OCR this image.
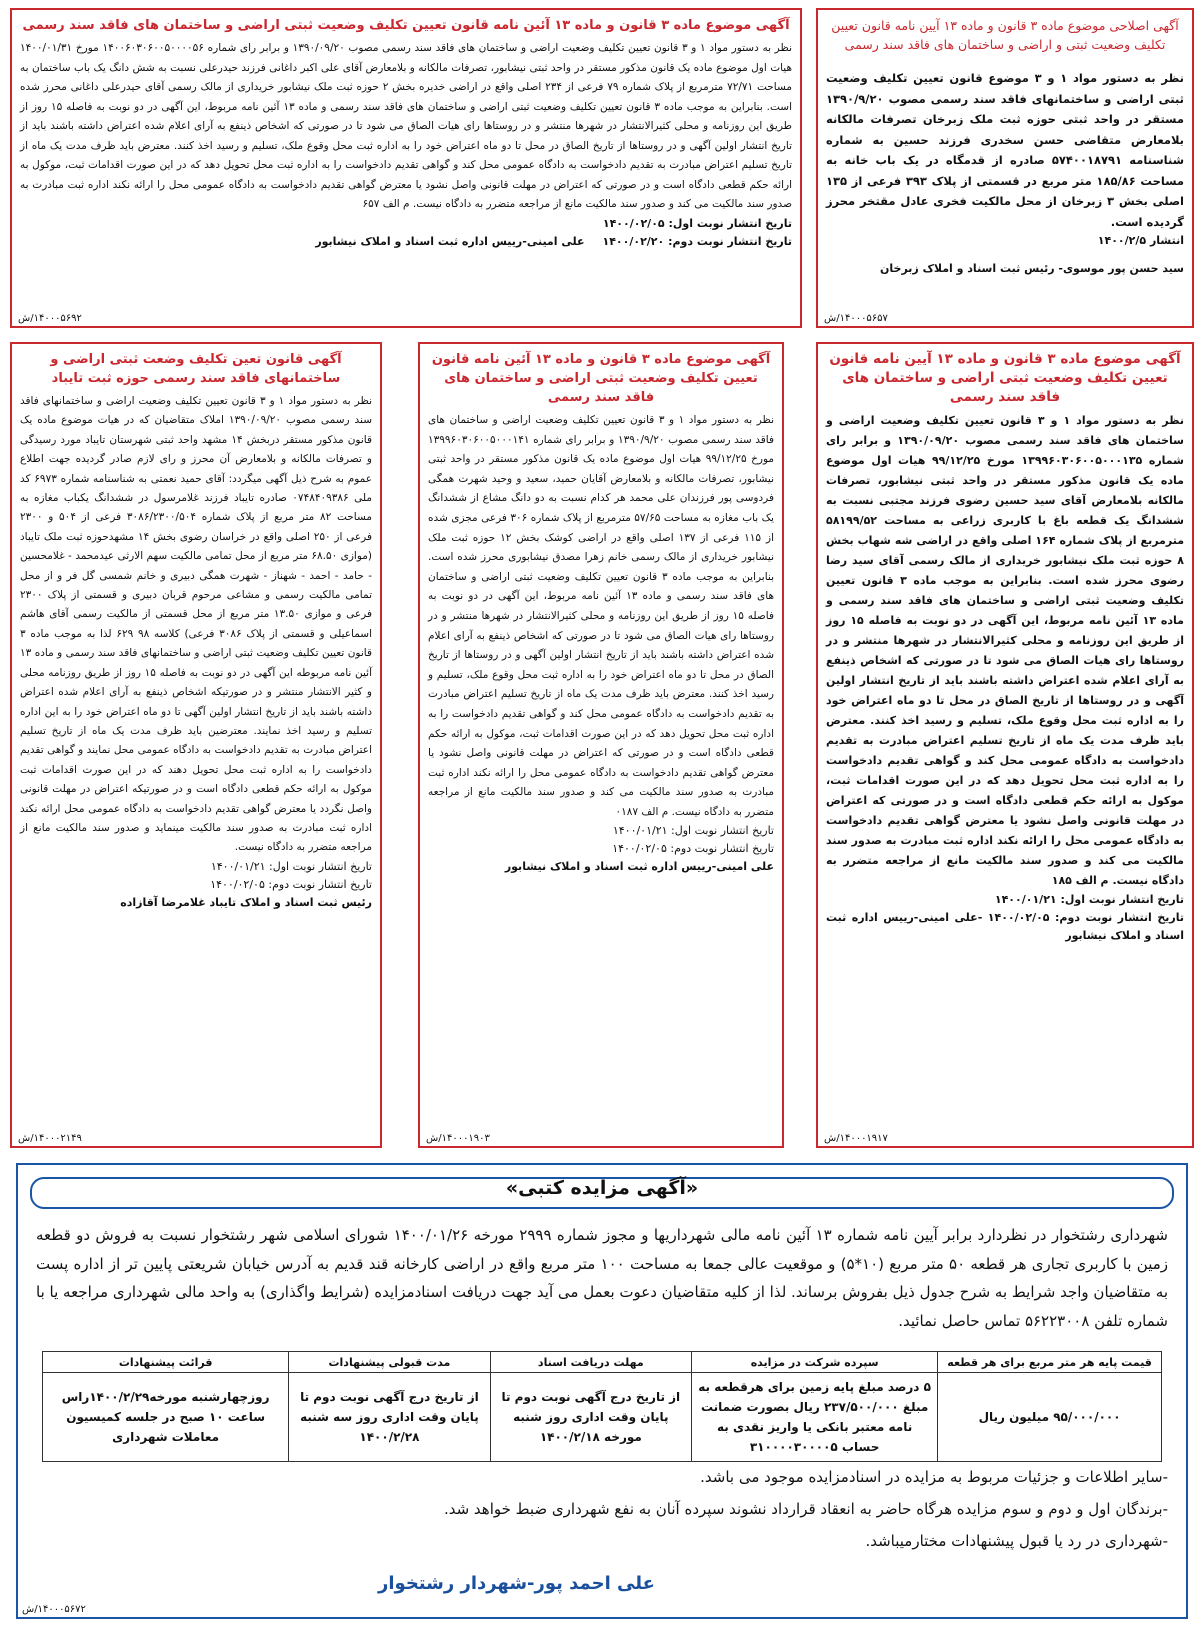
آگهی موضوع ماده ۳ قانون و ماده ۱۳ آئین نامه قانون تعیین تکلیف وضعیت ثبتی اراضی و ساختمان های فاقد سند رسمی

نظر به دستور مواد ۱ و ۳ قانون تعیین تکلیف وضعیت اراضی و ساختمان های فاقد سند رسمی مصوب ۱۳۹۰/۰۹/۲۰ و برابر رای شماره ۱۴۰۰۶۰۳۰۶۰۰۵۰۰۰۰۵۶ مورخ ۱۴۰۰/۰۱/۳۱ هیات اول موضوع ماده یک قانون مذکور مستقر در واحد ثبتی نیشابور، تصرفات مالکانه و بلامعارض آقای علی اکبر داغانی فرزند حیدرعلی نسبت به شش دانگ یک باب ساختمان به مساحت ۷۲/۷۱ مترمربع از پلاک شماره ۷۹ فرعی از ۲۳۴ اصلی واقع در اراضی خدیره بخش ۲ حوزه ثبت ملک نیشابور خریداری از مالک رسمی آقای حیدرعلی داغانی محرز شده است. بنابراین به موجب ماده ۳ قانون تعیین تکلیف وضعیت ثبتی اراضی و ساختمان های فاقد سند رسمی و ماده ۱۳ آئین نامه مربوط، این آگهی در دو نوبت به فاصله ۱۵ روز از طریق این روزنامه و محلی کثیرالانتشار در شهرها منتشر و در روستاها رای هیات الصاق می شود تا در صورتی که اشخاص ذینفع به آرای اعلام شده اعتراض داشته باشند باید از تاریخ انتشار اولین آگهی و در روستاها از تاریخ الصاق در محل تا دو ماه اعتراض خود را به اداره ثبت محل وقوع ملک، تسلیم و رسید اخذ کنند. معترض باید ظرف مدت یک ماه از تاریخ تسلیم اعتراض مبادرت به تقدیم دادخواست به دادگاه عمومی محل کند و گواهی تقدیم دادخواست را به اداره ثبت محل تحویل دهد که در این صورت اقدامات ثبت، موکول به ارائه حکم قطعی دادگاه است و در صورتی که اعتراض در مهلت قانونی واصل نشود یا معترض گواهی تقدیم دادخواست به دادگاه عمومی محل را ارائه نکند اداره ثبت مبادرت به صدور سند مالکیت می کند و صدور سند مالکیت مانع از مراجعه متضرر به دادگاه نیست. م الف ۶۵۷

تاریخ انتشار نوبت اول: ۱۴۰۰/۰۲/۰۵
تاریخ انتشار نوبت دوم: ۱۴۰۰/۰۲/۲۰
علی امینی-رییس اداره ثبت اسناد و املاک نیشابور
۱۴۰۰۰۵۶۹۲/ش
آگهی اصلاحی موضوع ماده ۳ قانون و ماده ۱۳ آیین نامه قانون تعیین تکلیف وضعیت ثبتی و اراضی و ساختمان های فاقد سند رسمی

نظر به دستور مواد ۱ و ۳ موضوع قانون تعیین تکلیف وضعیت ثبتی اراضی و ساختمانهای فاقد سند رسمی مصوب ۱۳۹۰/۹/۲۰ مستقر در واحد ثبتی حوزه ثبت ملک زبرخان تصرفات مالکانه بلامعارض متقاضی حسن سخدری فرزند حسین به شماره شناسنامه ۵۷۴۰۰۱۸۷۹۱ صادره از قدمگاه در یک باب خانه به مساحت ۱۸۵/۸۶ متر مربع در قسمتی از پلاک ۳۹۳ فرعی از ۱۳۵ اصلی بخش ۳ زبرخان از محل مالکیت فخری عادل مقتخر محرز گردیده است.

انتشار ۱۴۰۰/۲/۵
سید حسن پور موسوی- رئیس ثبت اسناد و املاک زبرخان
۱۴۰۰۰۵۶۵۷/ش
آگهی قانون تعین تکلیف وضعت ثبتی اراضی و ساختمانهای فاقد سند رسمی حوزه ثبت تایباد

نظر به دستور مواد ۱ و ۳ قانون تعیین تکلیف وضعیت اراضی و ساختمانهای فاقد سند رسمی مصوب ۱۳۹۰/۰۹/۲۰ املاک متقاضیان که در هیات موضوع ماده یک قانون مذکور مستقر دربخش ۱۴ مشهد واحد ثبتی شهرستان تایباد مورد رسیدگی و تصرفات مالکانه و بلامعارض آن محرز و رای لازم صادر گردیده جهت اطلاع عموم به شرح ذیل آگهی میگردد: آقای حمید نعمتی به شناسنامه شماره ۶۹۷۳ کد ملی ۰۷۴۸۴۰۹۳۸۶ صادره تایباد فرزند غلامرسول در ششدانگ یکباب مغازه به مساحت ۸۲ متر مربع از پلاک شماره ۳۰۸۶/۲۳۰۰/۵۰۴ فرعی از ۵۰۴ و ۲۳۰۰ فرعی از ۲۵۰ اصلی واقع در خراسان رضوی بخش ۱۴ مشهدحوزه ثبت ملک تایباد (موازی ۶۸.۵۰ متر مربع از محل تمامی مالکیت سهم الارثی عیدمحمد - غلامحسین - حامد - احمد - شهناز - شهرت همگی دبیری و خانم شمسی گل فر و از محل تمامی مالکیت رسمی و مشاعی مرحوم قربان دبیری و قسمتی از پلاک ۲۳۰۰ فرعی و موازی ۱۳.۵۰ متر مربع از محل قسمتی از مالکیت رسمی آقای هاشم اسماعیلی و قسمتی از پلاک ۳۰۸۶ فرعی) کلاسه ۹۸ ۶۲۹ لذا به موجب ماده ۳ قانون تعیین تکلیف وضعیت ثبتی اراضی و ساختمانهای فاقد سند رسمی و ماده ۱۳ آئین نامه مربوطه این آگهی در دو نوبت به فاصله ۱۵ روز از طریق روزنامه محلی و کثیر الانتشار منتشر و در صورتیکه اشخاص ذینفع به آرای اعلام شده اعتراض داشته باشند باید از تاریخ انتشار اولین آگهی تا دو ماه اعتراض خود را به این اداره تسلیم و رسید اخذ نمایند. معترضین باید ظرف مدت یک ماه از تاریخ تسلیم اعتراض مبادرت به تقدیم دادخواست به دادگاه عمومی محل نمایند و گواهی تقدیم دادخواست را به اداره ثبت محل تحویل دهند که در این صورت اقدامات ثبت موکول به ارائه حکم قطعی دادگاه است و در صورتیکه اعتراض در مهلت قانونی واصل نگردد یا معترض گواهی تقدیم دادخواست به دادگاه عمومی محل ارائه نکند اداره ثبت مبادرت به صدور سند مالکیت مینماید و صدور سند مالکیت مانع از مراجعه متضرر به دادگاه نیست.

تاریخ انتشار نوبت اول: ۱۴۰۰/۰۱/۲۱
تاریخ انتشار نوبت دوم: ۱۴۰۰/۰۲/۰۵
رئیس ثبت اسناد و املاک تایباد غلامرضا آقازاده
۱۴۰۰۰۲۱۴۹/ش
آگهی موضوع ماده ۳ قانون و ماده ۱۳ آئین نامه قانون تعیین تکلیف وضعیت ثبتی اراضی و ساختمان های فاقد سند رسمی

نظر به دستور مواد ۱ و ۳ قانون تعیین تکلیف وضعیت اراضی و ساختمان های فاقد سند رسمی مصوب ۱۳۹۰/۹/۲۰ و برابر رای شماره ۱۳۹۹۶۰۳۰۶۰۰۵۰۰۰۱۴۱ مورخ ۹۹/۱۲/۲۵ هیات اول موضوع ماده یک قانون مذکور مستقر در واحد ثبتی نیشابور، تصرفات مالکانه و بلامعارض آقایان حمید، سعید و وحید شهرت همگی فردوسی پور فرزندان علی محمد هر کدام نسبت به دو دانگ مشاع از ششدانگ یک باب مغازه به مساحت ۵۷/۶۵ مترمربع از پلاک شماره ۳۰۶ فرعی مجزی شده از ۱۱۵ فرعی از ۱۳۷ اصلی واقع در اراضی کوشک بخش ۱۲ حوزه ثبت ملک نیشابور خریداری از مالک رسمی خانم زهرا مصدق نیشابوری محرز شده است. بنابراین به موجب ماده ۳ قانون تعیین تکلیف وضعیت ثبتی اراضی و ساختمان های فاقد سند رسمی و ماده ۱۳ آئین نامه مربوط، این آگهی در دو نوبت به فاصله ۱۵ روز از طریق این روزنامه و محلی کثیرالانتشار در شهرها منتشر و در روستاها رای هیات الصاق می شود تا در صورتی که اشخاص ذینفع به آرای اعلام شده اعتراض داشته باشند باید از تاریخ انتشار اولین آگهی و در روستاها از تاریخ الصاق در محل تا دو ماه اعتراض خود را به اداره ثبت محل وقوع ملک، تسلیم و رسید اخذ کنند. معترض باید ظرف مدت یک ماه از تاریخ تسلیم اعتراض مبادرت به تقدیم دادخواست به دادگاه عمومی محل کند و گواهی تقدیم دادخواست را به اداره ثبت محل تحویل دهد که در این صورت اقدامات ثبت، موکول به ارائه حکم قطعی دادگاه است و در صورتی که اعتراض در مهلت قانونی واصل نشود یا معترض گواهی تقدیم دادخواست به دادگاه عمومی محل را ارائه نکند اداره ثبت مبادرت به صدور سند مالکیت می کند و صدور سند مالکیت مانع از مراجعه متضرر به دادگاه نیست. م الف ۰۱۸۷

تاریخ انتشار نوبت اول: ۱۴۰۰/۰۱/۲۱
تاریخ انتشار نوبت دوم: ۱۴۰۰/۰۲/۰۵
علی امینی-رییس اداره ثبت اسناد و املاک نیشابور
۱۴۰۰۰۱۹۰۳/ش
آگهی موضوع ماده ۳ قانون و ماده ۱۳ آیین نامه قانون تعیین تکلیف وضعیت ثبتی اراضی و ساختمان های فاقد سند رسمی

نظر به دستور مواد ۱ و ۳ قانون تعیین تکلیف وضعیت اراضی و ساختمان های فاقد سند رسمی مصوب ۱۳۹۰/۰۹/۲۰ و برابر رای شماره ۱۳۹۹۶۰۳۰۶۰۰۵۰۰۰۱۳۵ مورخ ۹۹/۱۲/۲۵ هیات اول موضوع ماده یک قانون مذکور مستقر در واحد ثبتی نیشابور، تصرفات مالکانه بلامعارض آقای سید حسین رضوی فرزند مجتبی نسبت به ششدانگ یک قطعه باغ با کاربری زراعی به مساحت ۵۸۱۹۹/۵۲ مترمربع از پلاک شماره ۱۶۴ اصلی واقع در اراضی شه شهاب بخش ۸ حوزه ثبت ملک نیشابور خریداری از مالک رسمی آقای سید رضا رضوی محرز شده است. بنابراین به موجب ماده ۳ قانون تعیین تکلیف وضعیت ثبتی اراضی و ساختمان های فاقد سند رسمی و ماده ۱۳ آئین نامه مربوط، این آگهی در دو نوبت به فاصله ۱۵ روز از طریق این روزنامه و محلی کثیرالانتشار در شهرها منتشر و در روستاها رای هیات الصاق می شود تا در صورتی که اشخاص ذینفع به آرای اعلام شده اعتراض داشته باشند باید از تاریخ انتشار اولین آگهی و در روستاها از تاریخ الصاق در محل تا دو ماه اعتراض خود را به اداره ثبت محل وقوع ملک، تسلیم و رسید اخذ کنند. معترض باید ظرف مدت یک ماه از تاریخ تسلیم اعتراض مبادرت به تقدیم دادخواست به دادگاه عمومی محل کند و گواهی تقدیم دادخواست را به اداره ثبت محل تحویل دهد که در این صورت اقدامات ثبت، موکول به ارائه حکم قطعی دادگاه است و در صورتی که اعتراض در مهلت قانونی واصل نشود یا معترض گواهی تقدیم دادخواست به دادگاه عمومی محل را ارائه نکند اداره ثبت مبادرت به صدور سند مالکیت می کند و صدور سند مالکیت مانع از مراجعه متضرر به دادگاه نیست. م الف ۱۸۵

تاریخ انتشار نوبت اول: ۱۴۰۰/۰۱/۲۱
تاریخ انتشار نوبت دوم: ۱۴۰۰/۰۲/۰۵ -علی امینی-رییس اداره ثبت اسناد و املاک نیشابور
۱۴۰۰۰۱۹۱۷/ش
«آگهی مزایده کتبی»
شهرداری رشتخوار در نظردارد برابر آیین نامه شماره ۱۳ آئین نامه مالی شهرداریها و مجوز شماره ۲۹۹۹ مورخه ۱۴۰۰/۰۱/۲۶ شورای اسلامی شهر رشتخوار نسبت به فروش دو قطعه زمین با کاربری تجاری هر قطعه ۵۰ متر مربع (۱۰*۵) و موقعیت عالی جمعا به مساحت ۱۰۰ متر مربع واقع در اراضی کارخانه قند قدیم به آدرس خیابان شریعتی پایین تر از اداره پست به متقاضیان واجد شرایط به شرح جدول ذیل بفروش برساند. لذا از کلیه متقاضیان دعوت بعمل می آید جهت دریافت اسنادمزایده (شرایط واگذاری) به واحد مالی شهرداری مراجعه یا با شماره تلفن ۵۶۲۲۳۰۰۸ تماس حاصل نمائید.
قیمت پایه هر متر مربع برای هر قطعه	سپرده شرکت در مزایده	مهلت دریافت اسناد	مدت قبولی پیشنهادات	قرائت پیشنهادات
۹۵/۰۰۰/۰۰۰ میلیون ریال	۵ درصد مبلغ پایه زمین برای هرقطعه به مبلغ ۲۳۷/۵۰۰/۰۰۰ ریال بصورت ضمانت نامه معتبر بانکی یا واریز نقدی به حساب ۳۱۰۰۰۰۳۰۰۰۰۵	از تاریخ درج آگهی نوبت دوم تا پایان وقت اداری روز شنبه مورخه ۱۴۰۰/۲/۱۸	از تاریخ درج آگهی نوبت دوم تا پایان وقت اداری روز سه شنبه ۱۴۰۰/۲/۲۸	روزچهارشنبه مورخه۱۴۰۰/۲/۲۹راس ساعت ۱۰ صبح در جلسه کمیسیون معاملات شهرداری
-سایر اطلاعات و جزئیات مربوط به مزایده در اسنادمزایده موجود می باشد.
-برندگان اول و دوم و سوم مزایده هرگاه حاضر به انعقاد قرارداد نشوند سپرده آنان به نفع شهرداری ضبط خواهد شد.
-شهرداری در رد یا قبول پیشنهادات مختارمیباشد.
علی احمد پور-شهردار رشتخوار
۱۴۰۰۰۵۶۷۲/ش
